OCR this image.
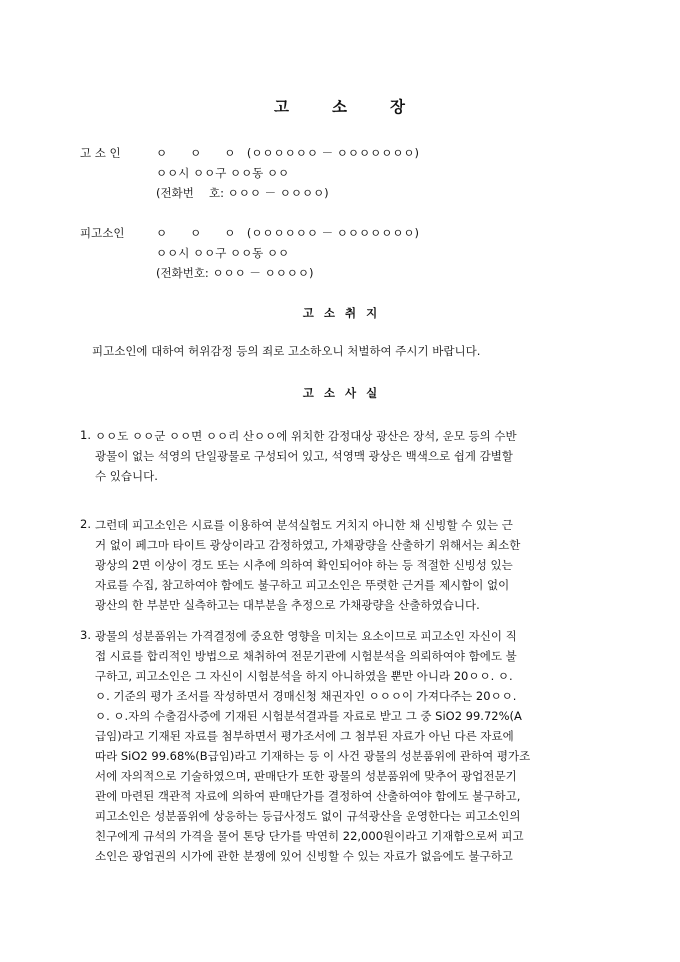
고	소	장
고 소 인	ㅇ　　ㅇ　　ㅇ　(ㅇㅇㅇㅇㅇㅇ － ㅇㅇㅇㅇㅇㅇㅇ)
ㅇㅇ시 ㅇㅇ구 ㅇㅇ동 ㅇㅇ
(전화번　 호: ㅇㅇㅇ － ㅇㅇㅇㅇ)
피고소인	ㅇ　　ㅇ　　ㅇ　(ㅇㅇㅇㅇㅇㅇ － ㅇㅇㅇㅇㅇㅇㅇ)
ㅇㅇ시 ㅇㅇ구 ㅇㅇ동 ㅇㅇ
(전화번호: ㅇㅇㅇ － ㅇㅇㅇㅇ)
고 소 취 지
피고소인에 대하여 허위감정 등의 죄로 고소하오니 처벌하여 주시기 바랍니다.
고 소 사 실
1. ㅇㅇ도 ㅇㅇ군 ㅇㅇ면 ㅇㅇ리 산ㅇㅇ에 위치한 감정대상 광산은 장석, 운모 등의 수반
광물이 없는 석영의 단일광물로 구성되어 있고, 석영맥 광상은 백색으로 쉽게 감별할
수 있습니다.
2. 그런데 피고소인은 시료를 이용하여 분석실험도 거치지 아니한 채 신빙할 수 있는 근
거 없이 페그마 타이트 광상이라고 감정하였고, 가채광량을 산출하기 위해서는 최소한
광상의 2면 이상이 경도 또는 시추에 의하여 확인되어야 하는 등 적절한 신빙성 있는
자료를 수집, 참고하여야 함에도 불구하고 피고소인은 뚜렷한 근거를 제시함이 없이
광산의 한 부분만 실측하고는 대부분을 추정으로 가채광량을 산출하였습니다.
3. 광물의 성분품위는 가격결정에 중요한 영향을 미치는 요소이므로 피고소인 자신이 직
접 시료를 합리적인 방법으로 채취하여 전문기관에 시험분석을 의뢰하여야 함에도 불
구하고, 피고소인은 그 자신이 시험분석을 하지 아니하였을 뿐만 아니라 20ㅇㅇ. ㅇ.
ㅇ. 기준의 평가 조서를 작성하면서 경매신청 채권자인 ㅇㅇㅇ이 가져다주는 20ㅇㅇ.
ㅇ. ㅇ.자의 수출검사증에 기재된 시험분석결과를 자료로 받고 그 중 SiO2 99.72%(A
급임)라고 기재된 자료를 첨부하면서 평가조서에 그 첨부된 자료가 아닌 다른 자료에
따라 SiO2 99.68%(B급임)라고 기재하는 등 이 사건 광물의 성분품위에 관하여 평가조
서에 자의적으로 기술하였으며, 판매단가 또한 광물의 성분품위에 맞추어 광업전문기
관에 마련된 객관적 자료에 의하여 판매단가를 결정하여 산출하여야 함에도 불구하고,
피고소인은 성분품위에 상응하는 등급사정도 없이 규석광산을 운영한다는 피고소인의
친구에게 규석의 가격을 물어 톤당 단가를 막연히 22,000원이라고 기재함으로써 피고
소인은 광업권의 시가에 관한 분쟁에 있어 신빙할 수 있는 자료가 없음에도 불구하고
